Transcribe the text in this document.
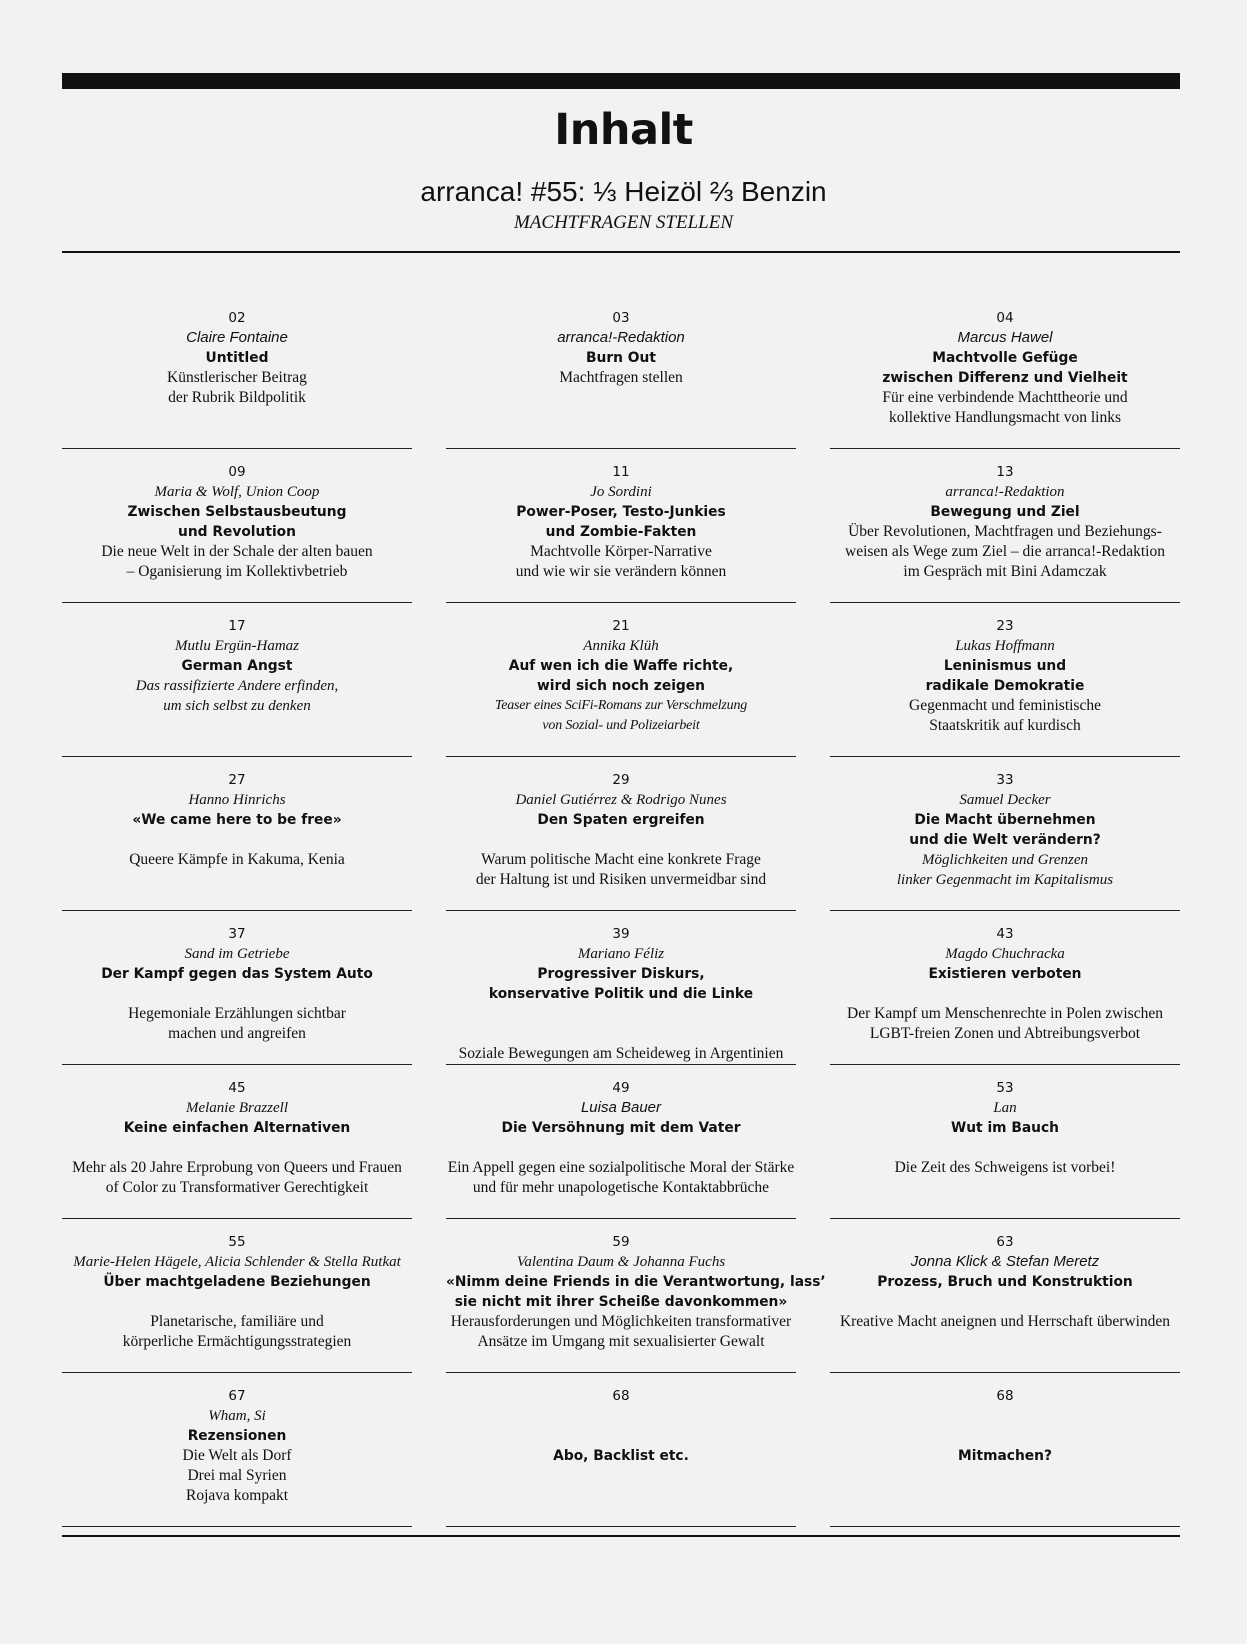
Inhalt
arranca! #55: ⅓ Heizöl ⅔ Benzin
MACHTFRAGEN STELLEN
02
Claire Fontaine
Untitled
Künstlerischer Beitrag
der Rubrik Bildpolitik
03
arranca!-Redaktion
Burn Out
Machtfragen stellen
04
Marcus Hawel
Machtvolle Gefüge
zwischen Differenz und Vielheit
Für eine verbindende Machttheorie und
kollektive Handlungsmacht von links
09
Maria & Wolf, Union Coop
Zwischen Selbstausbeutung
und Revolution
Die neue Welt in der Schale der alten bauen
– Oganisierung im Kollektivbetrieb
11
Jo Sordini
Power-Poser, Testo-Junkies
und Zombie-Fakten
Machtvolle Körper-Narrative
und wie wir sie verändern können
13
arranca!-Redaktion
Bewegung und Ziel
Über Revolutionen, Machtfragen und Beziehungs-
weisen als Wege zum Ziel – die arranca!-Redaktion
im Gespräch mit Bini Adamczak
17
Mutlu Ergün-Hamaz
German Angst
Das rassifizierte Andere erfinden,
um sich selbst zu denken
21
Annika Klüh
Auf wen ich die Waffe richte,
wird sich noch zeigen
Teaser eines SciFi-Romans zur Verschmelzung
von Sozial- und Polizeiarbeit
23
Lukas Hoffmann
Leninismus und
radikale Demokratie
Gegenmacht und feministische
Staatskritik auf kurdisch
27
Hanno Hinrichs
«We came here to be free»
Queere Kämpfe in Kakuma, Kenia
29
Daniel Gutiérrez & Rodrigo Nunes
Den Spaten ergreifen
Warum politische Macht eine konkrete Frage
der Haltung ist und Risiken unvermeidbar sind
33
Samuel Decker
Die Macht übernehmen
und die Welt verändern?
Möglichkeiten und Grenzen
linker Gegenmacht im Kapitalismus
37
Sand im Getriebe
Der Kampf gegen das System Auto
Hegemoniale Erzählungen sichtbar
machen und angreifen
39
Mariano Féliz
Progressiver Diskurs,
konservative Politik und die Linke
Soziale Bewegungen am Scheideweg in Argentinien
43
Magdo Chuchracka
Existieren verboten
Der Kampf um Menschenrechte in Polen zwischen
LGBT-freien Zonen und Abtreibungsverbot
45
Melanie Brazzell
Keine einfachen Alternativen
Mehr als 20 Jahre Erprobung von Queers und Frauen
of Color zu Transformativer Gerechtigkeit
49
Luisa Bauer
Die Versöhnung mit dem Vater
Ein Appell gegen eine sozialpolitische Moral der Stärke
und für mehr unapologetische Kontaktabbrüche
53
Lan
Wut im Bauch
Die Zeit des Schweigens ist vorbei!
55
Marie-Helen Hägele, Alicia Schlender & Stella Rutkat
Über machtgeladene Beziehungen
Planetarische, familiäre und
körperliche Ermächtigungsstrategien
59
Valentina Daum & Johanna Fuchs
«Nimm deine Friends in die Verantwortung, lass’
sie nicht mit ihrer Scheiße davonkommen»
Herausforderungen und Möglichkeiten transformativer
Ansätze im Umgang mit sexualisierter Gewalt
63
Jonna Klick & Stefan Meretz
Prozess, Bruch und Konstruktion
Kreative Macht aneignen und Herrschaft überwinden
67
Wham, Si
Rezensionen
Die Welt als Dorf
Drei mal Syrien
Rojava kompakt
68
Abo, Backlist etc.
68
Mitmachen?
